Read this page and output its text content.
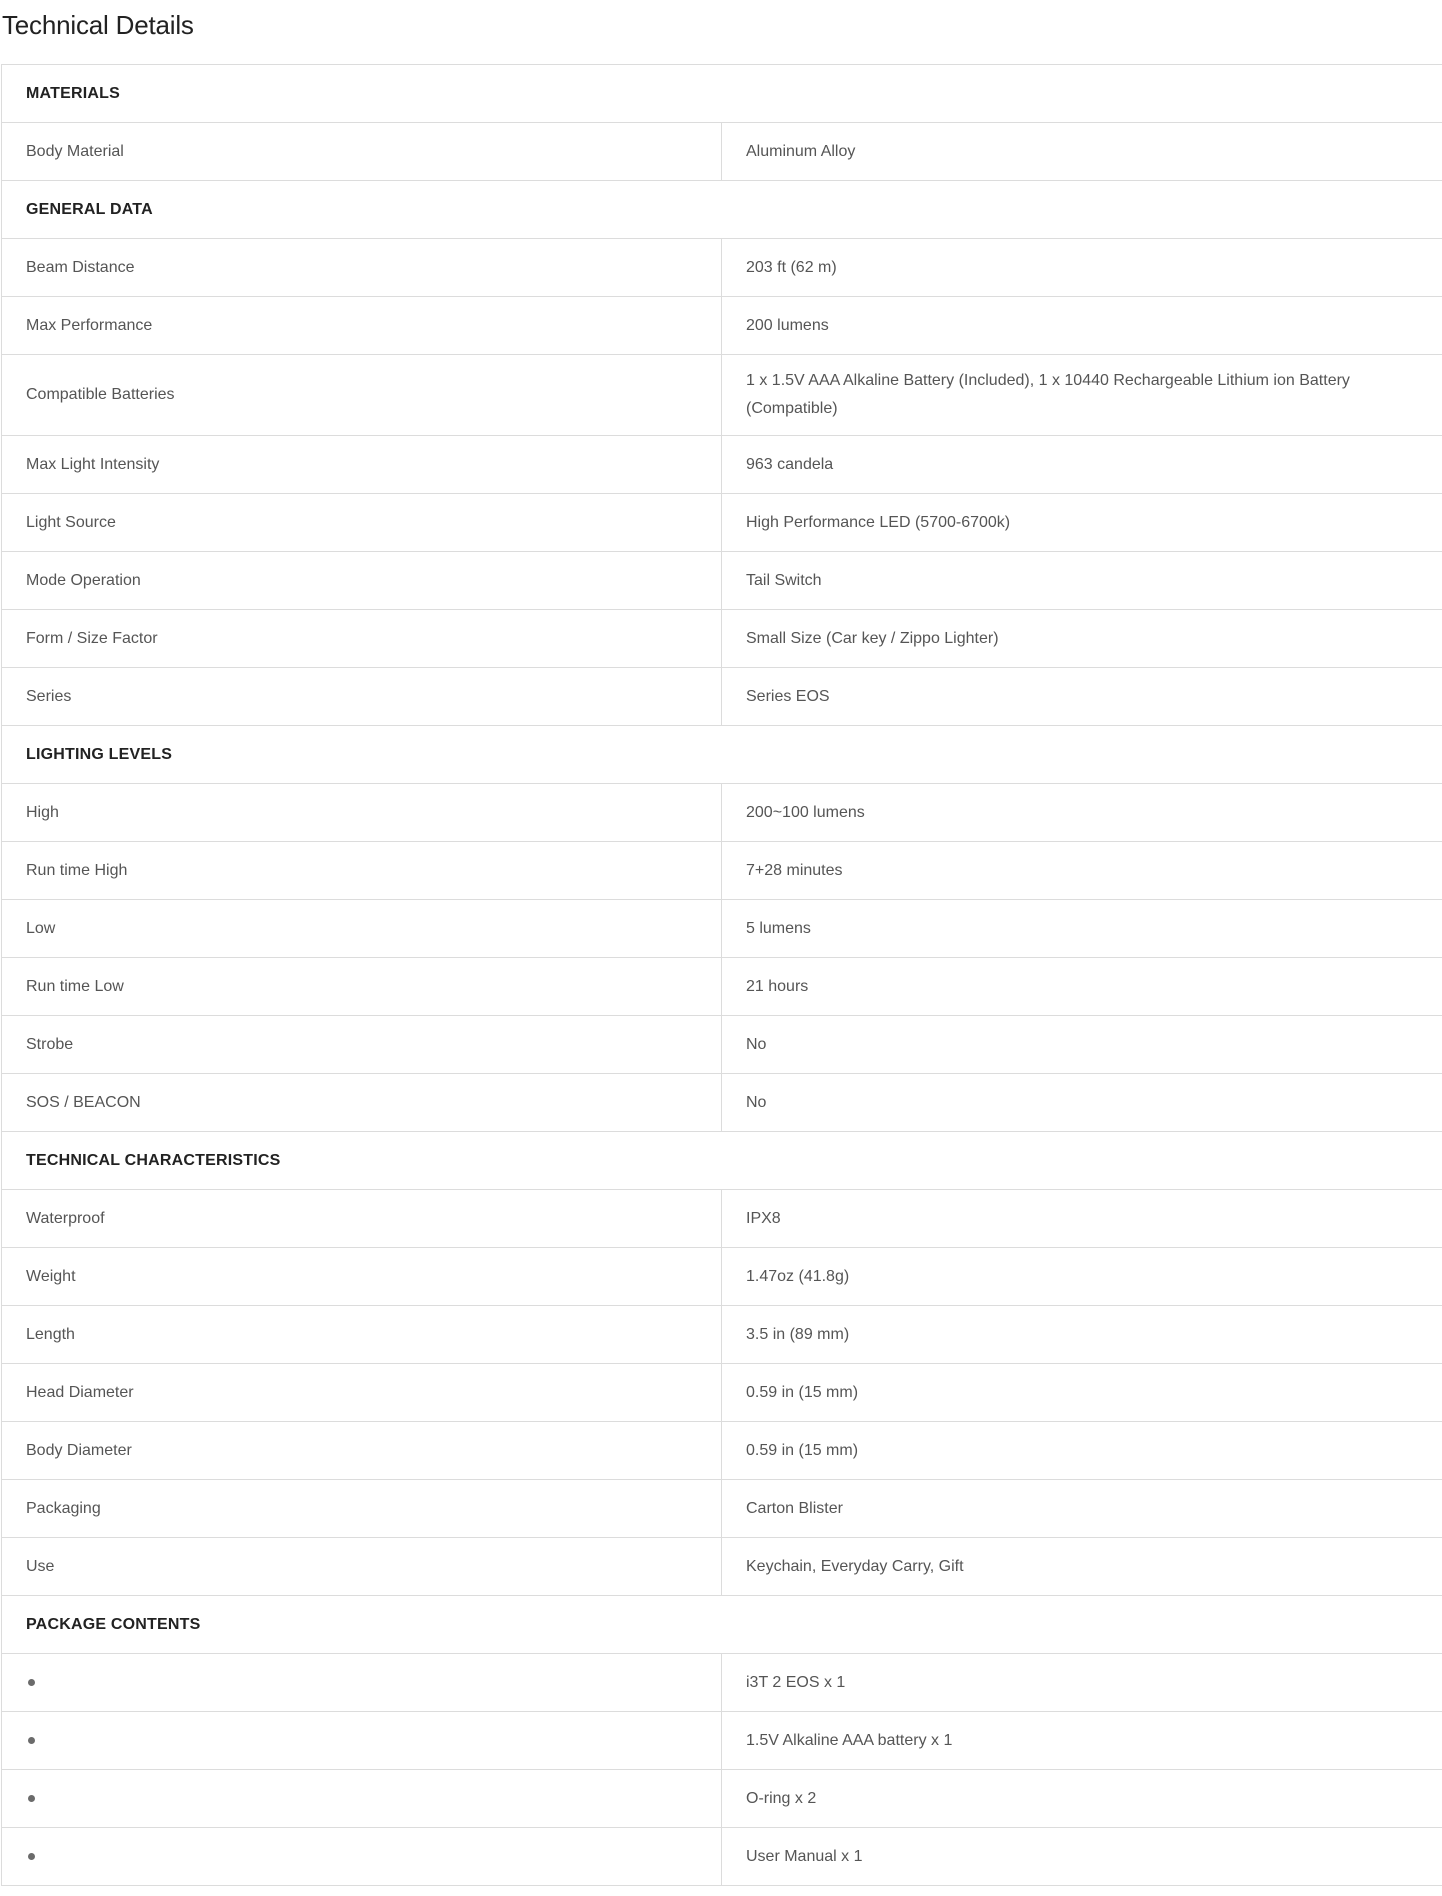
Technical Details
MATERIALS	
Body Material	Aluminum Alloy
GENERAL DATA	
Beam Distance	203 ft (62 m)
Max Performance	200 lumens
Compatible Batteries	1 x 1.5V AAA Alkaline Battery (Included), 1 x 10440 Rechargeable Lithium ion Battery (Compatible)
Max Light Intensity	963 candela
Light Source	High Performance LED (5700-6700k)
Mode Operation	Tail Switch
Form / Size Factor	Small Size (Car key / Zippo Lighter)
Series	Series EOS
LIGHTING LEVELS	
High	200~100 lumens
Run time High	7+28 minutes
Low	5 lumens
Run time Low	21 hours
Strobe	No
SOS / BEACON	No
TECHNICAL CHARACTERISTICS	
Waterproof	IPX8
Weight	1.47oz (41.8g)
Length	3.5 in (89 mm)
Head Diameter	0.59 in (15 mm)
Body Diameter	0.59 in (15 mm)
Packaging	Carton Blister
Use	Keychain, Everyday Carry, Gift
PACKAGE CONTENTS	
	i3T 2 EOS x 1
	1.5V Alkaline AAA battery x 1
	O-ring x 2
	User Manual x 1
